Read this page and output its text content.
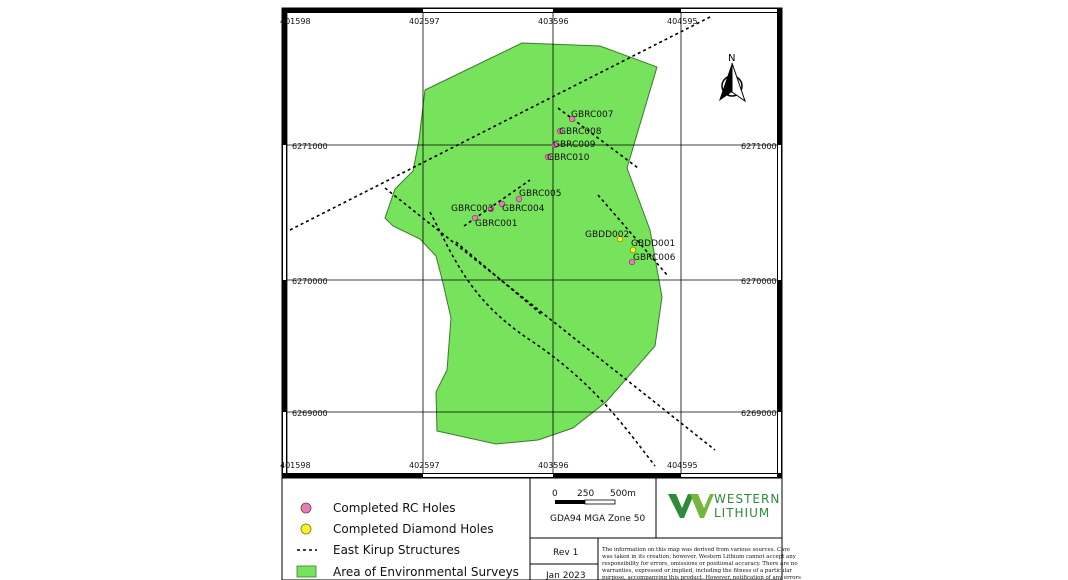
401598	402597	403596	404595
401598	402597	403596	404595
6271000
6270000
6269000
6271000
6270000
6269000
N
GBRC007
GBRC008
GBRC009
GBRC010
GBRC005
GBRC004
GBRC003
GBRC001
GBDD002
GBDD001
GBRC006
Completed RC Holes
Completed Diamond Holes
East Kirup Structures
Area of Environmental Surveys
0 250 500m
GDA94 MGA Zone 50
WESTERN
LITHIUM
Rev 1
Jan 2023
The information on this map was derived from various sources. Care
was taken in its creation, however, Western Lithium cannot accept any
responsibility for errors, omissions or positional accuracy. There are no
warranties, expressed or implied, including the fitness of a particular
purpose, accompanying this product. However, notification of any errors
